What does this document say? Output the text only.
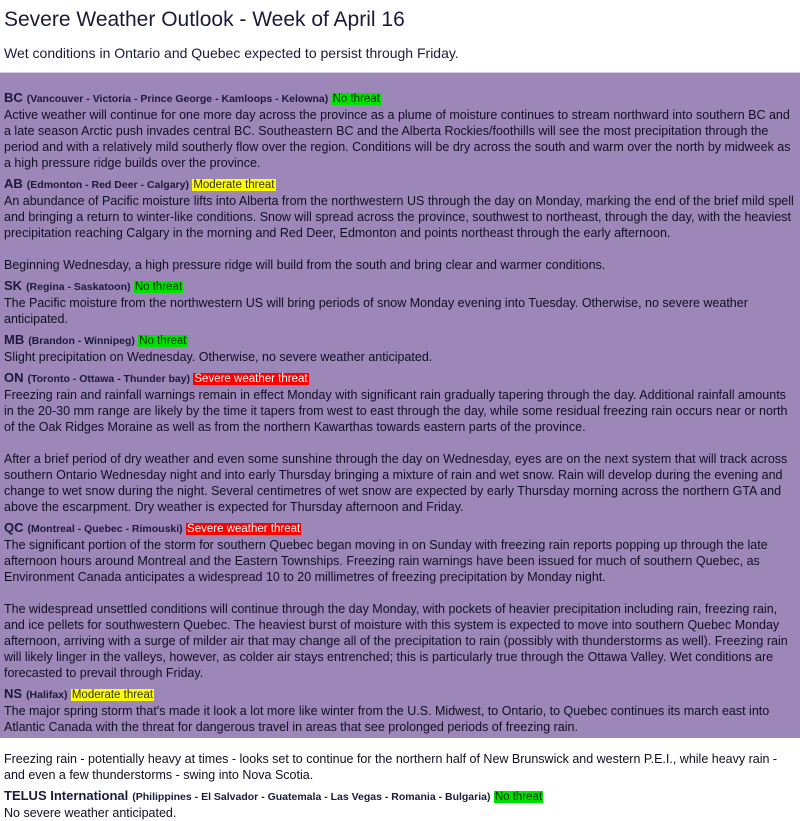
Severe Weather Outlook - Week of April 16
Wet conditions in Ontario and Quebec expected to persist through Friday.
BC (Vancouver - Victoria - Prince George - Kamloops - Kelowna) No threat

Active weather will continue for one more day across the province as a plume of moisture continues to stream northward into southern BC and a late season Arctic push invades central BC. Southeastern BC and the Alberta Rockies/foothills will see the most precipitation through the period and with a relatively mild southerly flow over the region. Conditions will be dry across the south and warm over the north by midweek as a high pressure ridge builds over the province.

AB (Edmonton - Red Deer - Calgary) Moderate threat

An abundance of Pacific moisture lifts into Alberta from the northwestern US through the day on Monday, marking the end of the brief mild spell and bringing a return to winter-like conditions. Snow will spread across the province, southwest to northeast, through the day, with the heaviest precipitation reaching Calgary in the morning and Red Deer, Edmonton and points northeast through the early afternoon.

Beginning Wednesday, a high pressure ridge will build from the south and bring clear and warmer conditions.

SK (Regina - Saskatoon) No threat

The Pacific moisture from the northwestern US will bring periods of snow Monday evening into Tuesday. Otherwise, no severe weather anticipated.

MB (Brandon - Winnipeg) No threat

Slight precipitation on Wednesday. Otherwise, no severe weather anticipated.

ON (Toronto - Ottawa - Thunder bay) Severe weather threat

Freezing rain and rainfall warnings remain in effect Monday with significant rain gradually tapering through the day. Additional rainfall amounts in the 20-30 mm range are likely by the time it tapers from west to east through the day, while some residual freezing rain occurs near or north of the Oak Ridges Moraine as well as from the northern Kawarthas towards eastern parts of the province.

After a brief period of dry weather and even some sunshine through the day on Wednesday, eyes are on the next system that will track across southern Ontario Wednesday night and into early Thursday bringing a mixture of rain and wet snow. Rain will develop during the evening and change to wet snow during the night. Several centimetres of wet snow are expected by early Thursday morning across the northern GTA and above the escarpment. Dry weather is expected for Thursday afternoon and Friday.

QC (Montreal - Quebec - Rimouski) Severe weather threat

The significant portion of the storm for southern Quebec began moving in on Sunday with freezing rain reports popping up through the late afternoon hours around Montreal and the Eastern Townships. Freezing rain warnings have been issued for much of southern Quebec, as Environment Canada anticipates a widespread 10 to 20 millimetres of freezing precipitation by Monday night.

The widespread unsettled conditions will continue through the day Monday, with pockets of heavier precipitation including rain, freezing rain, and ice pellets for southwestern Quebec. The heaviest burst of moisture with this system is expected to move into southern Quebec Monday afternoon, arriving with a surge of milder air that may change all of the precipitation to rain (possibly with thunderstorms as well). Freezing rain will likely linger in the valleys, however, as colder air stays entrenched; this is particularly true through the Ottawa Valley. Wet conditions are forecasted to prevail through Friday.

NS (Halifax) Moderate threat

The major spring storm that's made it look a lot more like winter from the U.S. Midwest, to Ontario, to Quebec continues its march east into Atlantic Canada with the threat for dangerous travel in areas that see prolonged periods of freezing rain.

Freezing rain - potentially heavy at times - looks set to continue for the northern half of New Brunswick and western P.E.I., while heavy rain - and even a few thunderstorms - swing into Nova Scotia.

TELUS International (Philippines - El Salvador - Guatemala - Las Vegas - Romania - Bulgaria) No threat

No severe weather anticipated.
